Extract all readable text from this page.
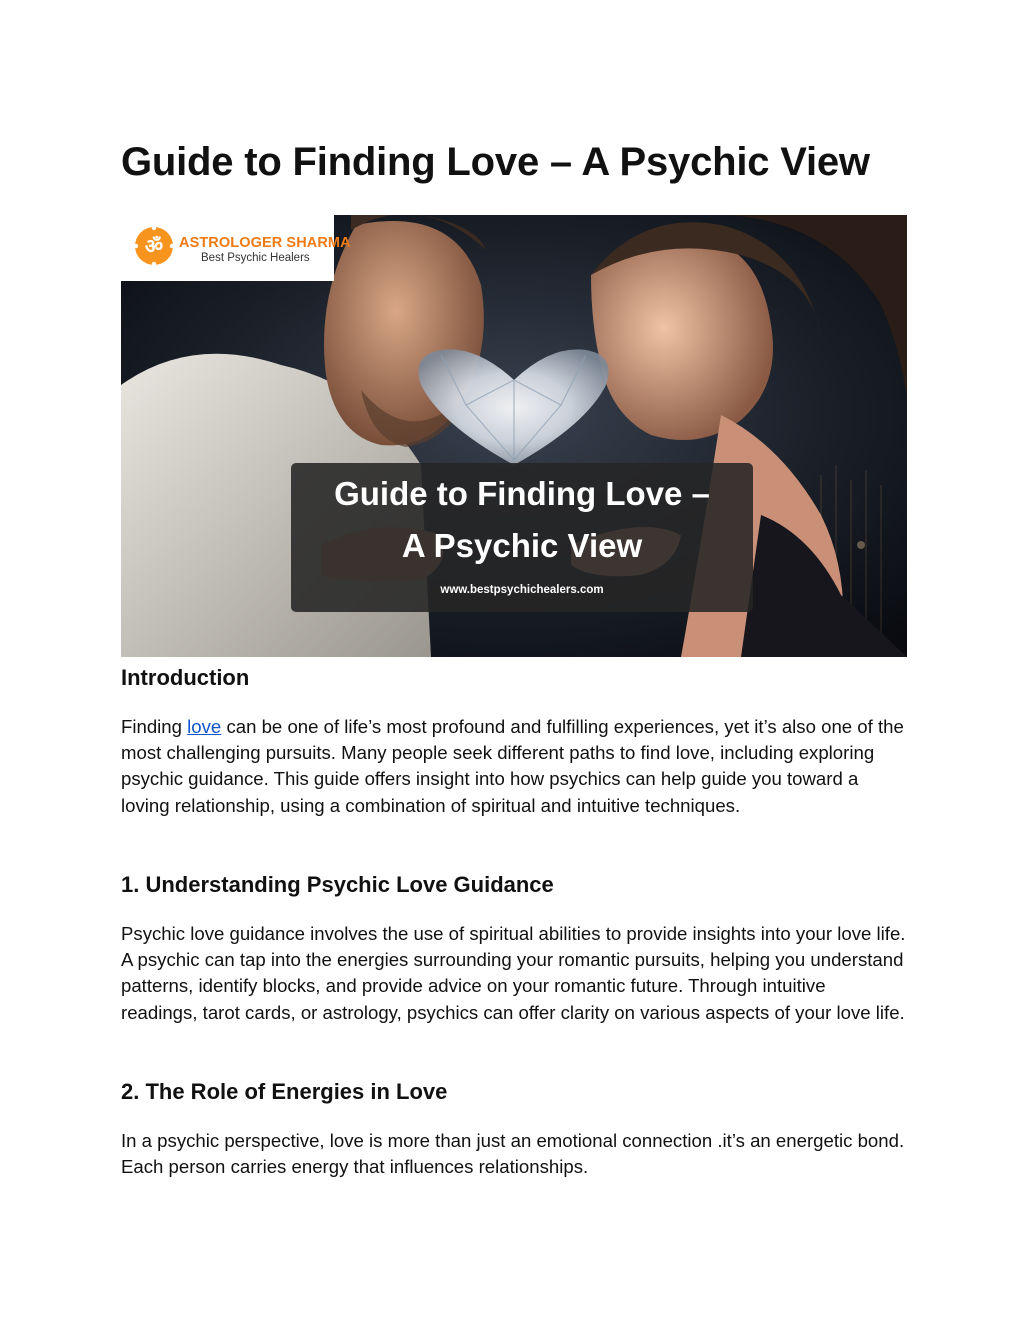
Guide to Finding Love – A Psychic View
ॐ ASTROLOGER SHARMA
Best Psychic Healers
Guide to Finding Love –
A Psychic View
www.bestpsychichealers.com
Introduction

Finding love can be one of life’s most profound and fulfilling experiences, yet it’s also one of the most challenging pursuits. Many people seek different paths to find love, including exploring psychic guidance. This guide offers insight into how psychics can help guide you toward a loving relationship, using a combination of spiritual and intuitive techniques.

1. Understanding Psychic Love Guidance

Psychic love guidance involves the use of spiritual abilities to provide insights into your love life. A psychic can tap into the energies surrounding your romantic pursuits, helping you understand patterns, identify blocks, and provide advice on your romantic future. Through intuitive readings, tarot cards, or astrology, psychics can offer clarity on various aspects of your love life.

2. The Role of Energies in Love

In a psychic perspective, love is more than just an emotional connection .it’s an energetic bond. Each person carries energy that influences relationships.
